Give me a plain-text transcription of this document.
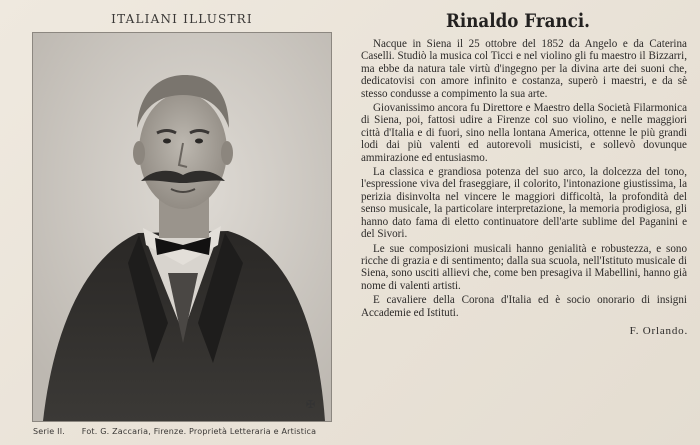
ITALIANI ILLUSTRI
✠
Serie II. Fot. G. Zaccaria, Firenze. Proprietà Letteraria e Artistica
Rinaldo Franci.

Nacque in Siena il 25 ottobre del 1852 da Angelo e da Caterina Caselli. Studiò la musica col Ticci e nel violino gli fu maestro il Bizzarri, ma ebbe da natura tale virtù d'ingegno per la divina arte dei suoni che, dedicatovisi con amore infinito e costanza, superò i maestri, e da sè stesso condusse a compimento la sua arte.

Giovanissimo ancora fu Direttore e Maestro della Società Filarmonica di Siena, poi, fattosi udire a Firenze col suo violino, e nelle maggiori città d'Italia e di fuori, sino nella lontana America, ottenne le più grandi lodi dai più valenti ed autorevoli musicisti, e sollevò dovunque ammirazione ed entusiasmo.

La classica e grandiosa potenza del suo arco, la dolcezza del tono, l'espressione viva del fraseggiare, il colorito, l'intonazione giustissima, la perizia disinvolta nel vincere le maggiori difficoltà, la profondità del senso musicale, la particolare interpretazione, la memoria prodigiosa, gli hanno dato fama di eletto continuatore dell'arte sublime del Paganini e del Sivori.

Le sue composizioni musicali hanno genialità e robustezza, e sono ricche di grazia e di sentimento; dalla sua scuola, nell'Istituto musicale di Siena, sono usciti allievi che, come ben presagiva il Mabellini, hanno già nome di valenti artisti.

E cavaliere della Corona d'Italia ed è socio onorario di insigni Accademie ed Istituti.

F. Orlando.
